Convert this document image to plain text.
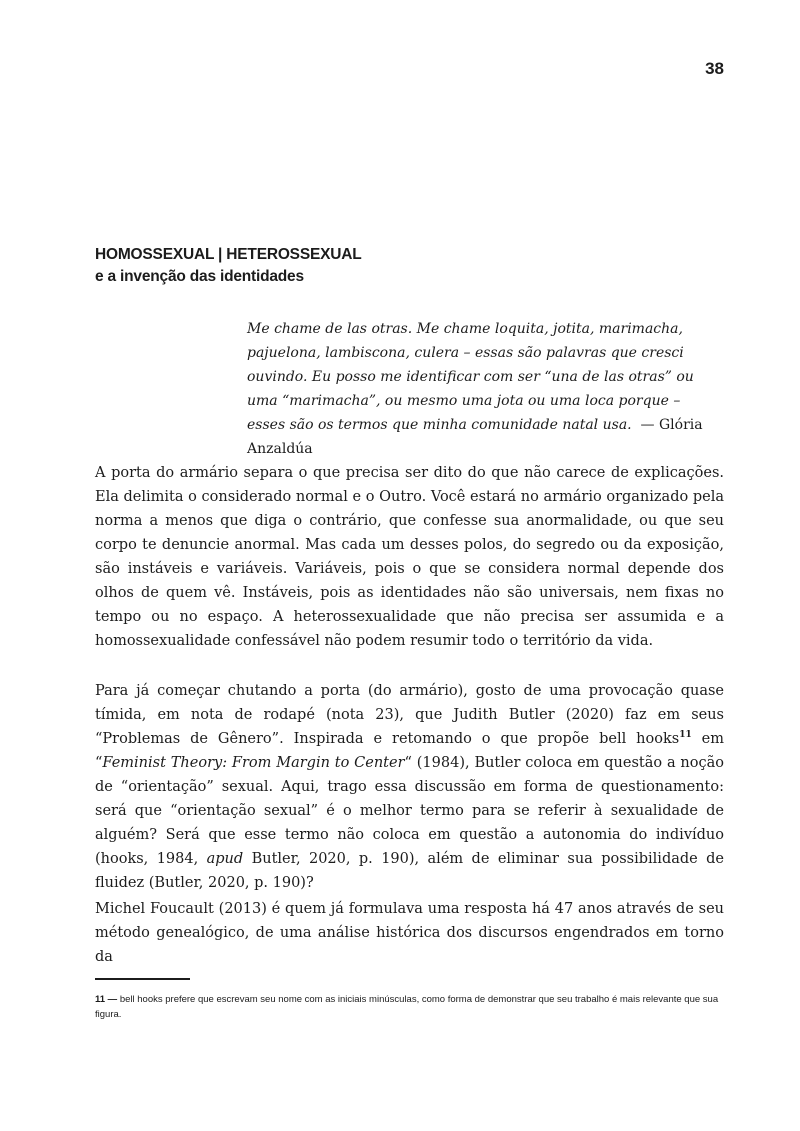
38
HOMOSSEXUAL | HETEROSSEXUAL
e a invenção das identidades

Me chame de las otras. Me chame loquita, jotita, marimacha, pajuelona, lambiscona, culera – essas são palavras que cresci ouvindo. Eu posso me identificar com ser “una de las otras” ou uma “marimacha”, ou mesmo uma jota ou uma loca porque – esses são os termos que minha comunidade natal usa. — Glória Anzaldúa

A porta do armário separa o que precisa ser dito do que não carece de explicações. Ela delimita o considerado normal e o Outro. Você estará no armário organizado pela norma a menos que diga o contrário, que confesse sua anormalidade, ou que seu corpo te denuncie anormal. Mas cada um desses polos, do segredo ou da exposição, são instáveis e variáveis. Variáveis, pois o que se considera normal depende dos olhos de quem vê. Instáveis, pois as identidades não são universais, nem fixas no tempo ou no espaço. A heterossexualidade que não precisa ser assumida e a homossexualidade confessável não podem resumir todo o território da vida.

Para já começar chutando a porta (do armário), gosto de uma provocação quase tímida, em nota de rodapé (nota 23), que Judith Butler (2020) faz em seus “Problemas de Gênero”. Inspirada e retomando o que propõe bell hooks$^{11}$ em “Feminist Theory: From Margin to Center“ (1984), Butler coloca em questão a noção de “orientação” sexual. Aqui, trago essa discussão em forma de questionamento: será que “orientação sexual” é o melhor termo para se referir à sexualidade de alguém? Será que esse termo não coloca em questão a autonomia do indivíduo (hooks, 1984, apud Butler, 2020, p. 190), além de eliminar sua possibilidade de fluidez (Butler, 2020, p. 190)?

Michel Foucault (2013) é quem já formulava uma resposta há 47 anos através de seu método genealógico, de uma análise histórica dos discursos engendrados em torno da

11 — bell hooks prefere que escrevam seu nome com as iniciais minúsculas, como forma de demonstrar que seu trabalho é mais relevante que sua figura.
